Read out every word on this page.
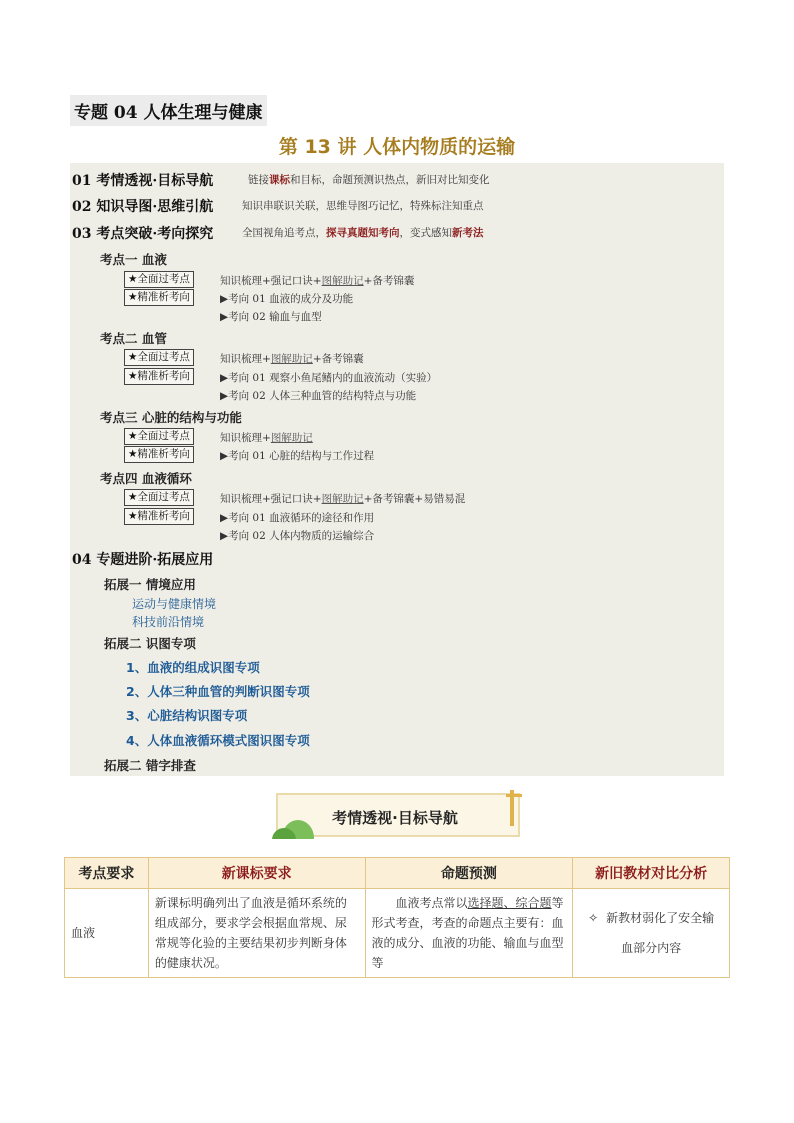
专题 04 人体生理与健康
第 13 讲 人体内物质的运输
01 考情透视·目标导航	链接课标和目标，命题预测识热点，新旧对比知变化
02 知识导图·思维引航	知识串联识关联，思维导图巧记忆，特殊标注知重点
03 考点突破·考向探究	全国视角追考点，探寻真题知考向，变式感知新考法
考点一 血液
★全面过考点	知识梳理+强记口诀+图解助记+备考锦囊
★精准析考向	▶考向 01 血液的成分及功能
▶考向 02 输血与血型
考点二 血管
★全面过考点	知识梳理+图解助记+备考锦囊
★精准析考向	▶考向 01 观察小鱼尾鳍内的血液流动（实验）
▶考向 02 人体三种血管的结构特点与功能
考点三 心脏的结构与功能
★全面过考点	知识梳理+图解助记
★精准析考向	▶考向 01 心脏的结构与工作过程
考点四 血液循环
★全面过考点	知识梳理+强记口诀+图解助记+备考锦囊+易错易混
★精准析考向	▶考向 01 血液循环的途径和作用
▶考向 02 人体内物质的运输综合
04 专题进阶·拓展应用
拓展一 情境应用
运动与健康情境
科技前沿情境
拓展二 识图专项
1、血液的组成识图专项
2、人体三种血管的判断识图专项
3、心脏结构识图专项
4、人体血液循环模式图识图专项
拓展二 错字排查
考情透视·目标导航
考点要求	新课标要求	命题预测	新旧教材对比分析
血液	新课标明确列出了血液是循环系统的组成部分，要求学会根据血常规、尿常规等化验的主要结果初步判断身体的健康状况。	血液考点常以选择题、综合题等形式考查，考查的命题点主要有：血液的成分、血液的功能、输血与血型等	✧ 新教材弱化了安全输血部分内容
